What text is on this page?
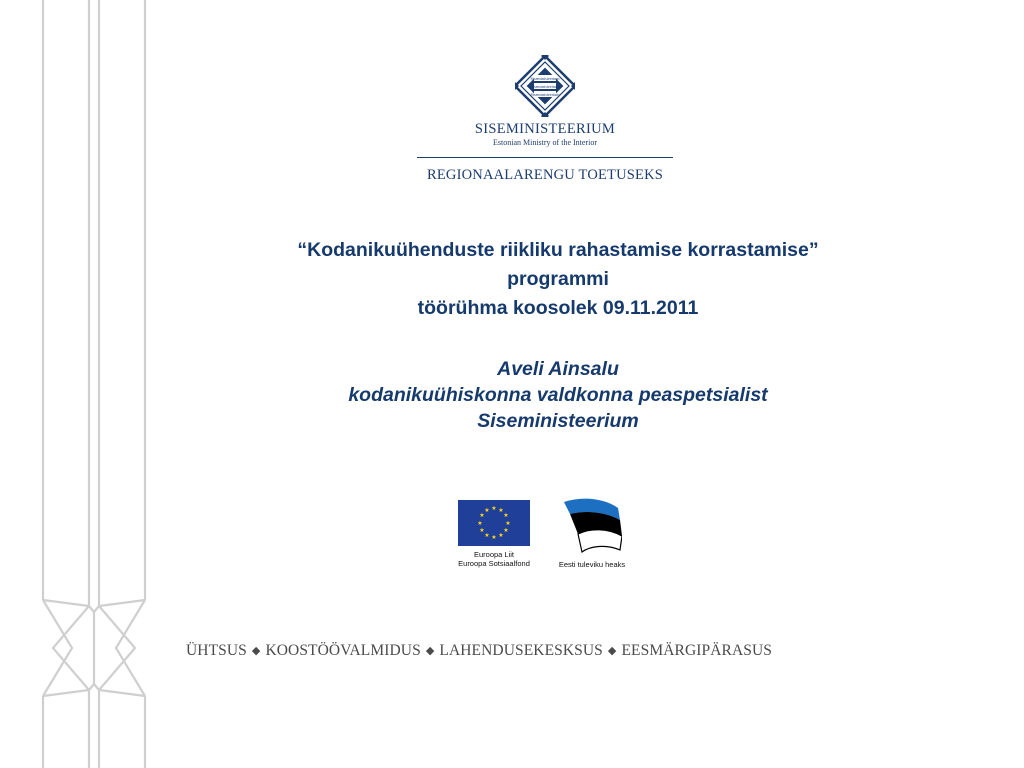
Siseministeerium
Siseministeerium
Siseministeerium
SISEMINISTEERIUM
Estonian Ministry of the Interior
REGIONAALARENGU TOETUSEKS
“Kodanikuühenduste riikliku rahastamise korrastamise”
programmi
töörühma koosolek 09.11.2011
Aveli Ainsalu
kodanikuühiskonna valdkonna peaspetsialist
Siseministeerium
★ ★
★
★
★
★
★
★
★
★
★
★
Euroopa Liit
Euroopa Sotsiaalfond	Eesti tuleviku heaks
ÜHTSUS ◆ KOOSTÖÖVALMIDUS ◆ LAHENDUSEKESKSUS ◆ EESMÄRGIPÄRASUS
